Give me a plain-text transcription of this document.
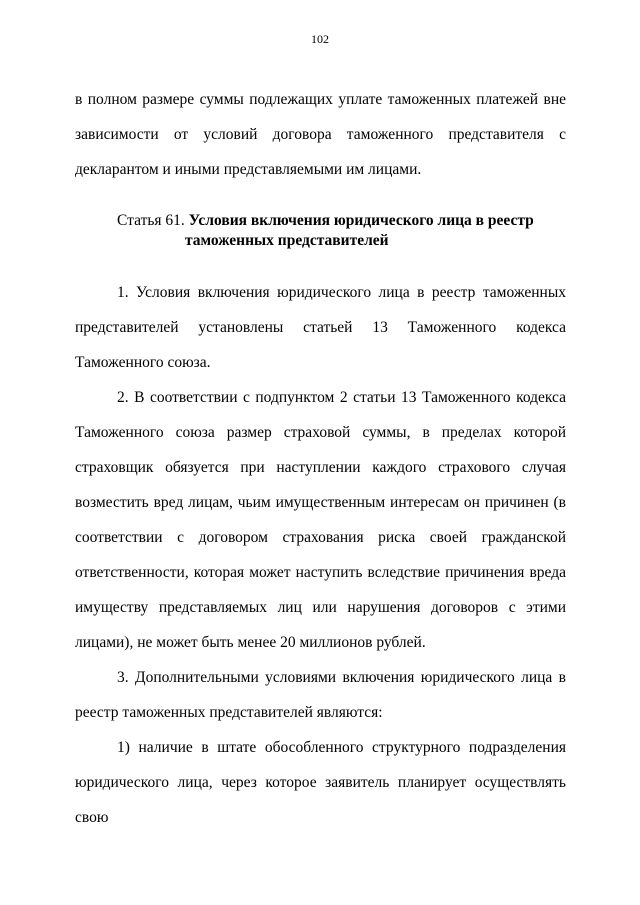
102

в полном размере суммы подлежащих уплате таможенных платежей вне зависимости от условий договора таможенного представителя с декларантом и иными представляемыми им лицами.

Статья 61. Условия включения юридического лица в реестр
таможенных представителей

1. Условия включения юридического лица в реестр таможенных представителей установлены статьей 13 Таможенного кодекса Таможенного союза.

2. В соответствии с подпунктом 2 статьи 13 Таможенного кодекса Таможенного союза размер страховой суммы, в пределах которой страховщик обязуется при наступлении каждого страхового случая возместить вред лицам, чьим имущественным интересам он причинен (в соответствии с договором страхования риска своей гражданской ответственности, которая может наступить вследствие причинения вреда имуществу представляемых лиц или нарушения договоров с этими лицами), не может быть менее 20 миллионов рублей.

3. Дополнительными условиями включения юридического лица в реестр таможенных представителей являются:

1) наличие в штате обособленного структурного подразделения юридического лица, через которое заявитель планирует осуществлять свою
